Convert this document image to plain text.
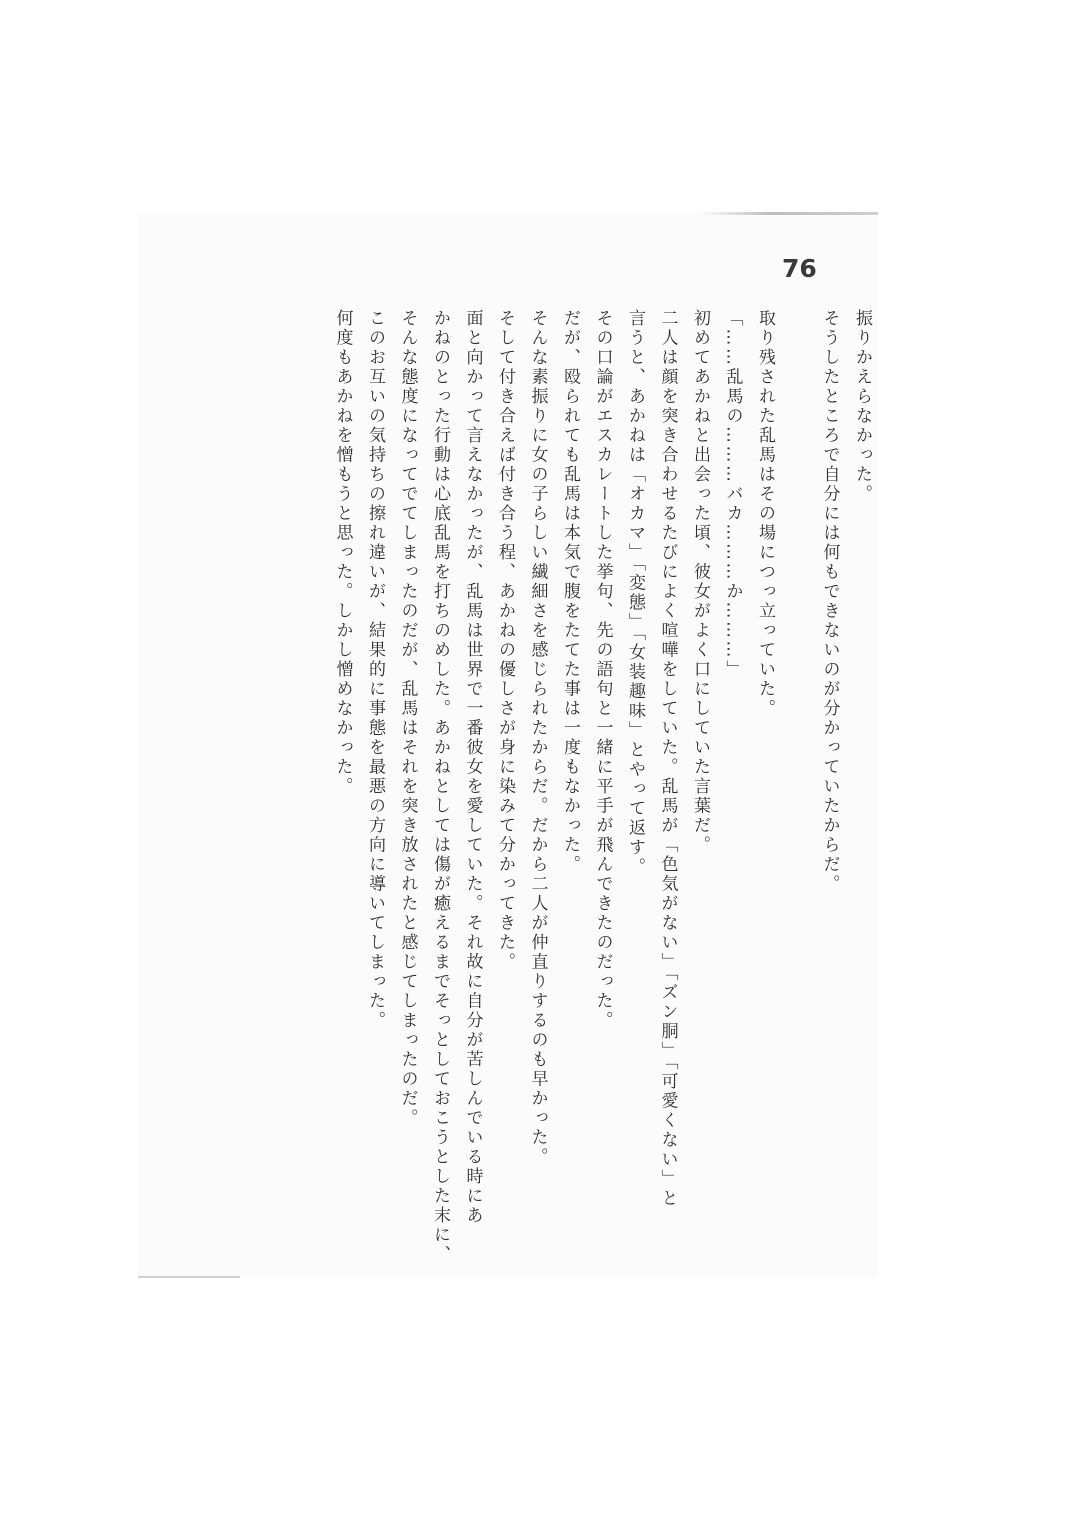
76
振りかえらなかった。
そうしたところで自分には何もできないのが分かっていたからだ。
取り残された乱馬はその場につっ立っていた。
「……乱馬の………バカ………か………」
初めてあかねと出会った頃、彼女がよく口にしていた言葉だ。
二人は顔を突き合わせるたびによく喧嘩をしていた。乱馬が「色気がない」「ズン胴」「可愛くない」と
言うと、あかねは「オカマ」「変態」「女装趣味」とやって返す。
その口論がエスカレートした挙句、先の語句と一緒に平手が飛んできたのだった。
だが、殴られても乱馬は本気で腹をたてた事は一度もなかった。
そんな素振りに女の子らしい繊細さを感じられたからだ。だから二人が仲直りするのも早かった。
そして付き合えば付き合う程、あかねの優しさが身に染みて分かってきた。
面と向かって言えなかったが、乱馬は世界で一番彼女を愛していた。それ故に自分が苦しんでいる時にあ
かねのとった行動は心底乱馬を打ちのめした。あかねとしては傷が癒えるまでそっとしておこうとした末に、
そんな態度になってでてしまったのだが、乱馬はそれを突き放されたと感じてしまったのだ。
このお互いの気持ちの擦れ違いが、結果的に事態を最悪の方向に導いてしまった。
何度もあかねを憎もうと思った。しかし憎めなかった。
